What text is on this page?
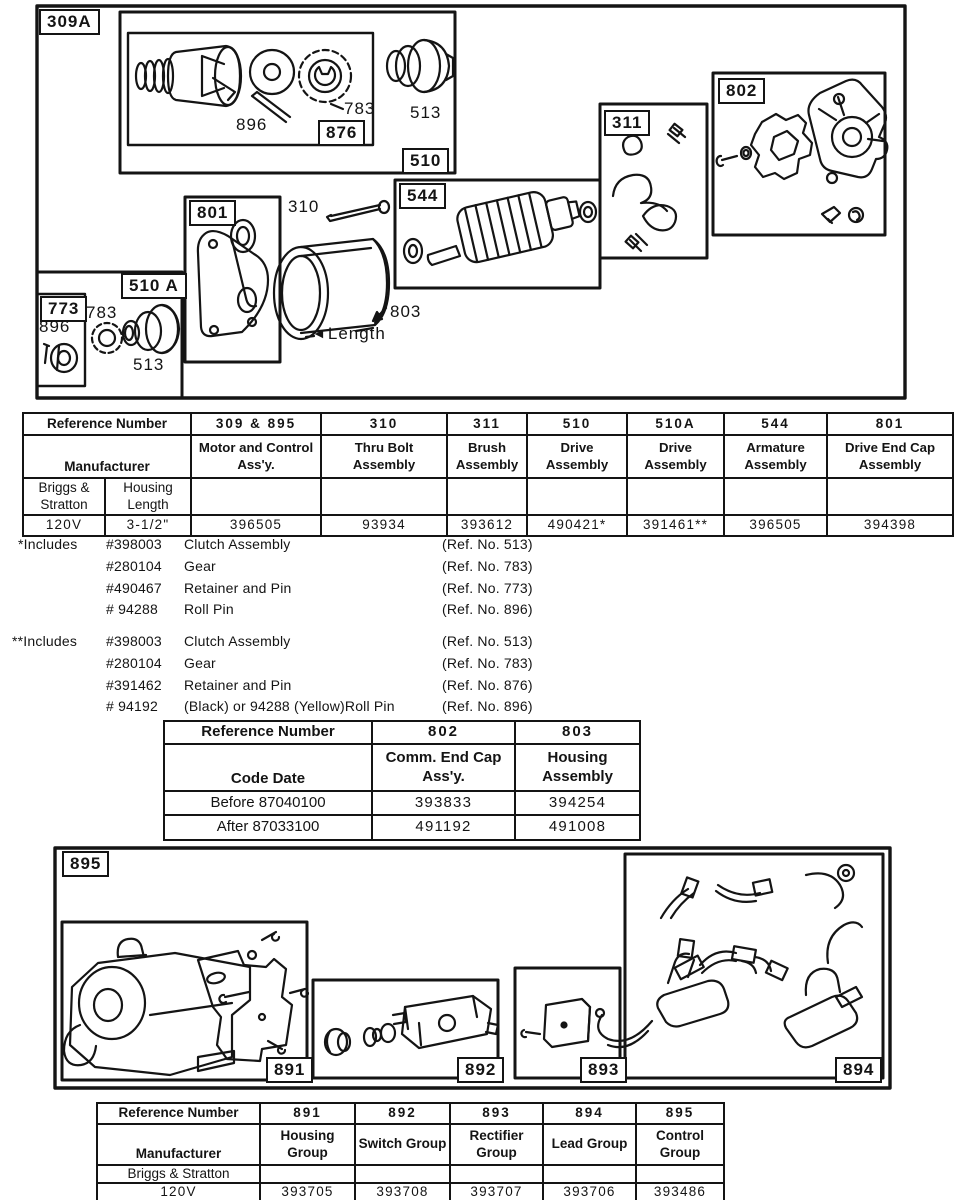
309A
510
876
896
783 513
801	310
544
803
◄Length
311
802
510 A
773
896
783
513
Reference Number		309 & 895	310	311	510	510A	544	801
Manufacturer		Motor and Control Ass'y.	Thru Bolt Assembly	Brush Assembly	Drive Assembly	Drive Assembly	Armature Assembly	Drive End Cap Assembly
Briggs & Stratton	Housing Length							
120V	3-1/2"	396505	93934	393612	490421*	391461**	396505	394398
*Includes #398003	Clutch Assembly	(Ref. No. 513)
#280104	Gear	(Ref. No. 783)
#490467	Retainer and Pin	(Ref. No. 773)
# 94288	Roll Pin	(Ref. No. 896)
**Includes #398003	Clutch Assembly	(Ref. No. 513)
#280104	Gear	(Ref. No. 783)
#391462	Retainer and Pin	(Ref. No. 876)
# 94192	(Black) or 94288 (Yellow)Roll Pin	(Ref. No. 896)
Reference Number	802	803
Code Date	Comm. End Cap Ass'y.	Housing Assembly
Before 87040100	393833	394254
After 87033100	491192	491008
895
891	892	893	894
Reference Number	891	892	893	894	895
Manufacturer	Housing Group	Switch Group	Rectifier Group	Lead Group	Control Group
Briggs & Stratton					
120V	393705	393708	393707	393706	393486
